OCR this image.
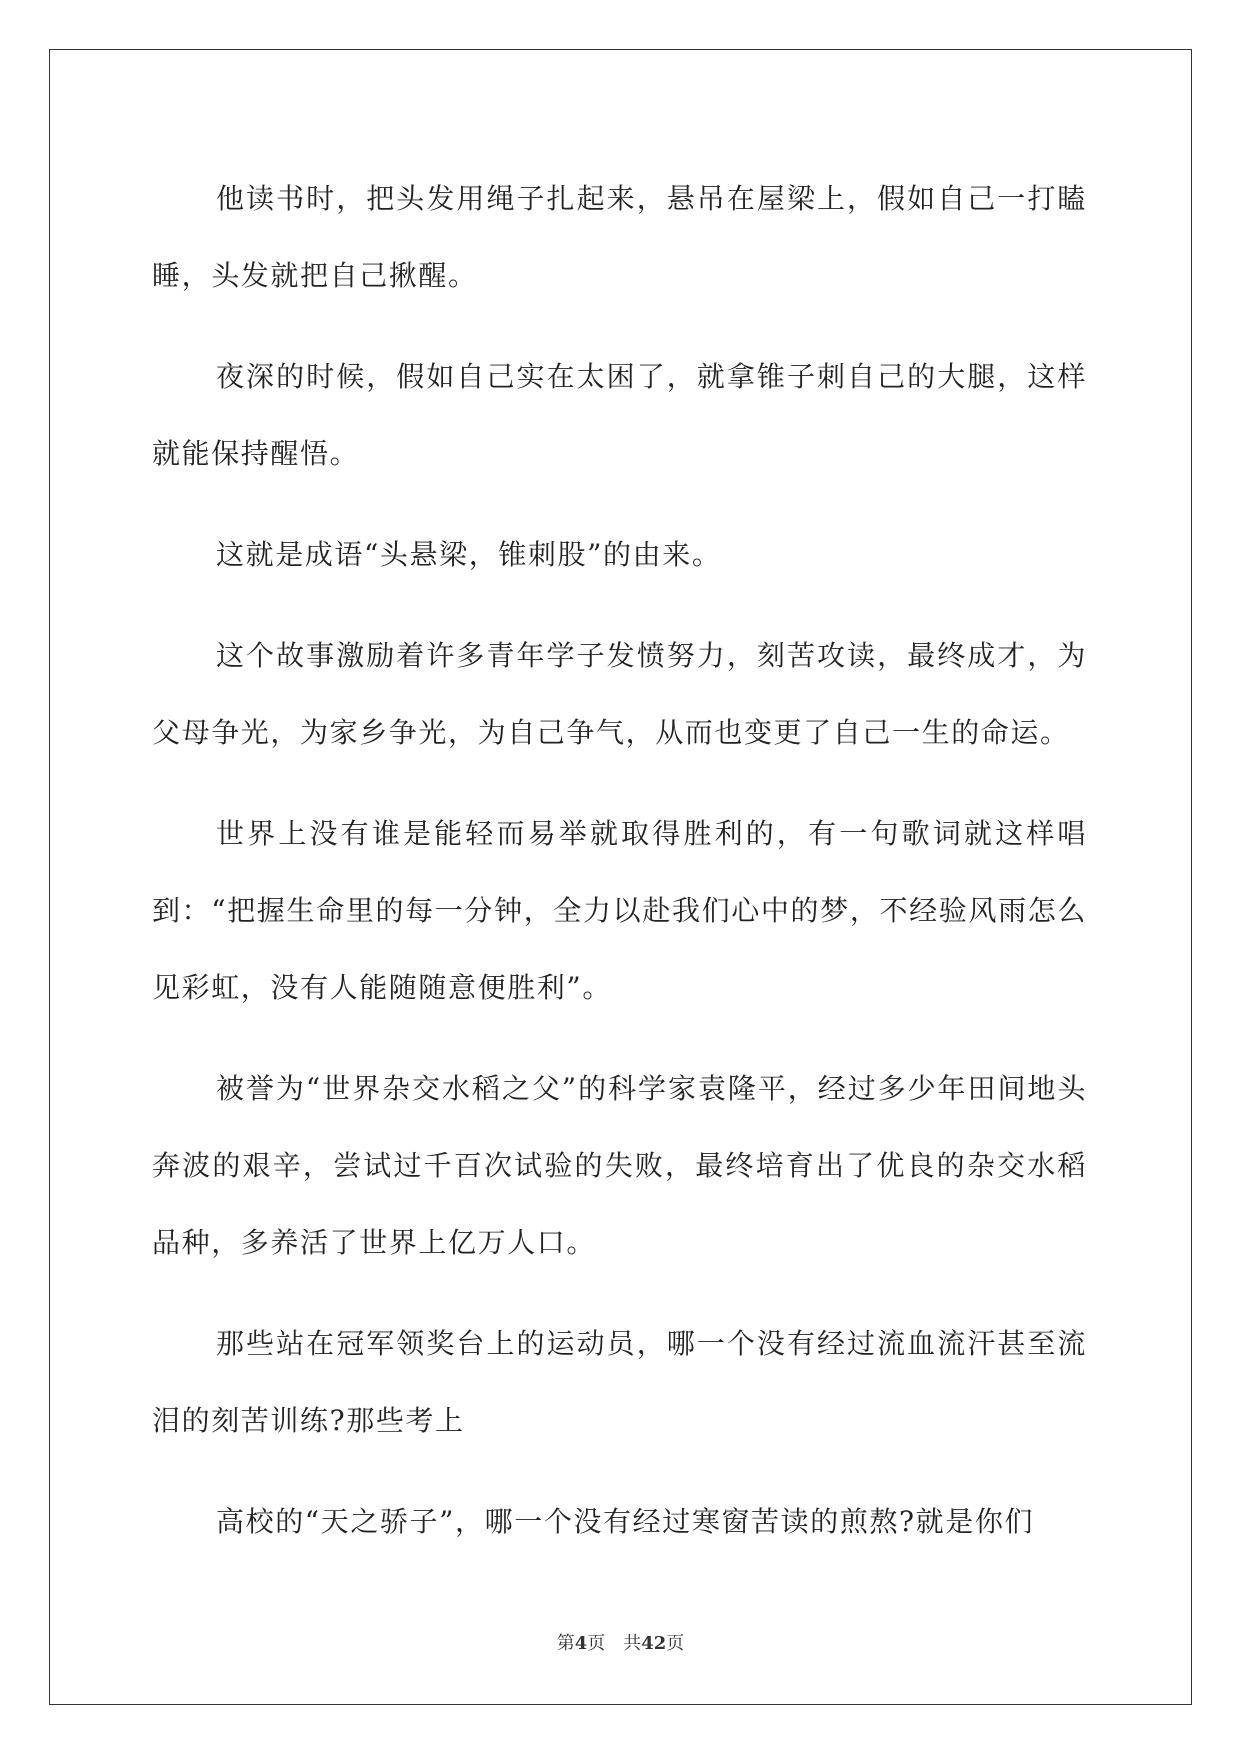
他读书时，把头发用绳子扎起来，悬吊在屋梁上，假如自己一打瞌睡，头发就把自己揪醒。

夜深的时候，假如自己实在太困了，就拿锥子刺自己的大腿，这样就能保持醒悟。

这就是成语“头悬梁，锥刺股”的由来。

这个故事激励着许多青年学子发愤努力，刻苦攻读，最终成才，为父母争光，为家乡争光，为自己争气，从而也变更了自己一生的命运。

世界上没有谁是能轻而易举就取得胜利的，有一句歌词就这样唱到：“把握生命里的每一分钟，全力以赴我们心中的梦，不经验风雨怎么见彩虹，没有人能随随意便胜利”。

被誉为“世界杂交水稻之父”的科学家袁隆平，经过多少年田间地头奔波的艰辛，尝试过千百次试验的失败，最终培育出了优良的杂交水稻品种，多养活了世界上亿万人口。

那些站在冠军领奖台上的运动员，哪一个没有经过流血流汗甚至流泪的刻苦训练?那些考上

高校的“天之骄子”，哪一个没有经过寒窗苦读的煎熬?就是你们

第4页　共42页
